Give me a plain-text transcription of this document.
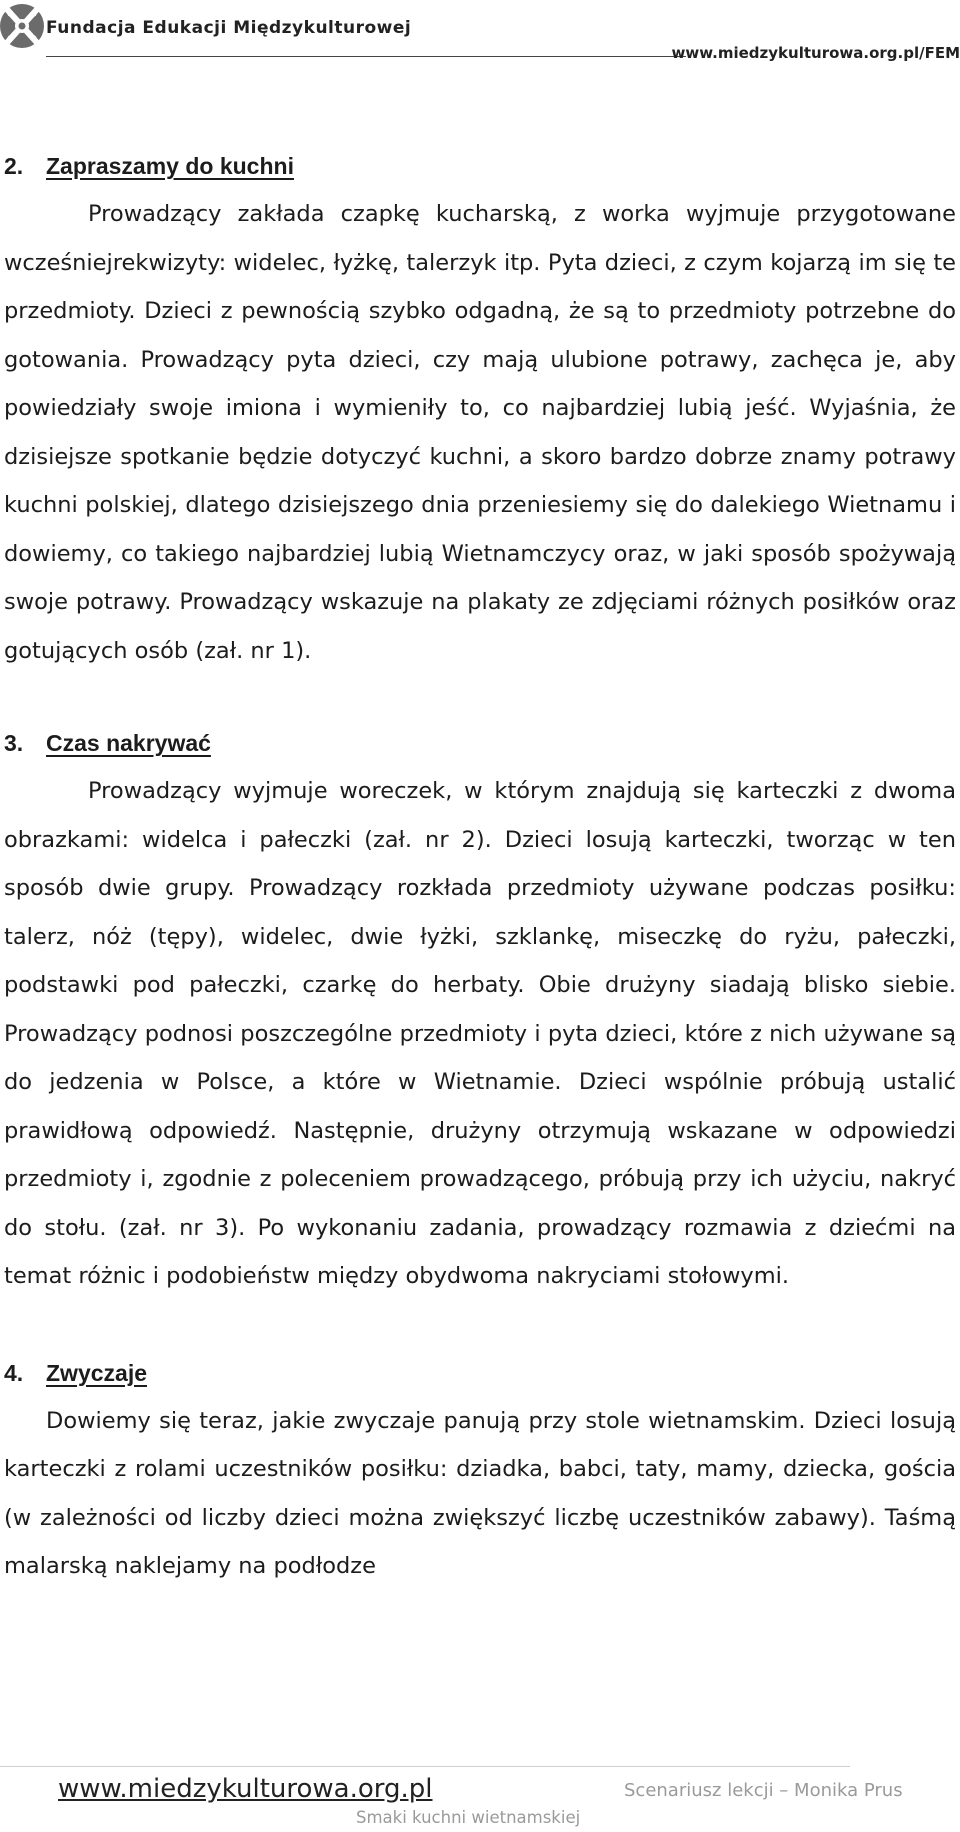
Fundacja Edukacji Międzykulturowej
www.miedzykulturowa.org.pl/FEM
2. Zapraszamy do kuchni

Prowadzący zakłada czapkę kucharską, z worka wyjmuje przygotowane wcześniejrekwizyty: widelec, łyżkę, talerzyk itp. Pyta dzieci, z czym kojarzą im się te przedmioty. Dzieci z pewnością szybko odgadną, że są to przedmioty potrzebne do gotowania. Prowadzący pyta dzieci, czy mają ulubione potrawy, zachęca je, aby powiedziały swoje imiona i wymieniły to, co najbardziej lubią jeść. Wyjaśnia, że dzisiejsze spotkanie będzie dotyczyć kuchni, a skoro bardzo dobrze znamy potrawy kuchni polskiej, dlatego dzisiejszego dnia przeniesiemy się do dalekiego Wietnamu i dowiemy, co takiego najbardziej lubią Wietnamczycy oraz, w jaki sposób spożywają swoje potrawy. Prowadzący wskazuje na plakaty ze zdjęciami różnych posiłków oraz gotujących osób (zał. nr 1).

3. Czas nakrywać

Prowadzący wyjmuje woreczek, w którym znajdują się karteczki z dwoma obrazkami: widelca i pałeczki (zał. nr 2). Dzieci losują karteczki, tworząc w ten sposób dwie grupy. Prowadzący rozkłada przedmioty używane podczas posiłku: talerz, nóż (tępy), widelec, dwie łyżki, szklankę, miseczkę do ryżu, pałeczki, podstawki pod pałeczki, czarkę do herbaty. Obie drużyny siadają blisko siebie. Prowadzący podnosi poszczególne przedmioty i pyta dzieci, które z nich używane są do jedzenia w Polsce, a które w Wietnamie. Dzieci wspólnie próbują ustalić prawidłową odpowiedź. Następnie, drużyny otrzymują wskazane w odpowiedzi przedmioty i, zgodnie z poleceniem prowadzącego, próbują przy ich użyciu, nakryć do stołu. (zał. nr 3). Po wykonaniu zadania, prowadzący rozmawia z dziećmi na temat różnic i podobieństw między obydwoma nakryciami stołowymi.

4. Zwyczaje

Dowiemy się teraz, jakie zwyczaje panują przy stole wietnamskim. Dzieci losują karteczki z rolami uczestników posiłku: dziadka, babci, taty, mamy, dziecka, gościa (w zależności od liczby dzieci można zwiększyć liczbę uczestników zabawy). Taśmą malarską naklejamy na podłodze

www.miedzykulturowa.org.pl	Scenariusz lekcji – Monika Prus
Smaki kuchni wietnamskiej
